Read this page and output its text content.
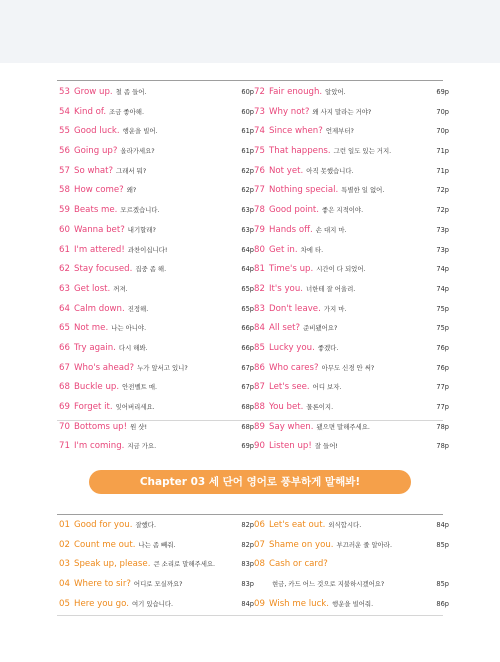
53 Grow up. 철 좀 들어.	60p
54 Kind of. 조금 좋아해.	60p
55 Good luck. 행운을 빌어.	61p
56 Going up? 올라가세요?	61p
57 So what? 그래서 뭐?	62p
58 How come? 왜?	62p
59 Beats me. 모르겠습니다.	63p
60 Wanna bet? 내기할래?	63p
61 I'm attered! 과찬이십니다!	64p
62 Stay focused. 집중 좀 해.	64p
63 Get lost. 꺼져.	65p
64 Calm down. 진정해.	65p
65 Not me. 나는 아니야.	66p
66 Try again. 다시 해봐.	66p
67 Who's ahead? 누가 앞서고 있니?	67p
68 Buckle up. 안전벨트 매.	67p
69 Forget it. 잊어버리세요.	68p
70 Bottoms up! 원 샷!	68p
71 I'm coming. 지금 가요.	69p
72 Fair enough. 알았어.	69p
73 Why not? 왜 사지 말라는 거야?	70p
74 Since when? 언제부터?	70p
75 That happens. 그런 일도 있는 거지.	71p
76 Not yet. 아직 못했습니다.	71p
77 Nothing special. 특별한 일 없어.	72p
78 Good point. 좋은 지적이야.	72p
79 Hands off. 손 대지 마.	73p
80 Get in. 차에 타.	73p
81 Time's up. 시간이 다 되었어.	74p
82 It's you. 너한테 잘 어울려.	74p
83 Don't leave. 가지 마.	75p
84 All set? 준비됐어요?	75p
85 Lucky you. 좋겠다.	76p
86 Who cares? 아무도 신경 안 써?	76p
87 Let's see. 어디 보자.	77p
88 You bet. 물론이지.	77p
89 Say when. 됐으면 말해주세요.	78p
90 Listen up! 잘 들어!	78p
Chapter 03 세 단어 영어로 풍부하게 말해봐!
01 Good for you. 잘했다.	82p
02 Count me out. 나는 좀 빼줘.	82p
03 Speak up, please. 큰 소리로 말해주세요.	83p
04 Where to sir? 어디로 모실까요?	83p
05 Here you go. 여기 있습니다.	84p
06 Let's eat out. 외식합시다.	84p
07 Shame on you. 부끄러운 줄 알아라.	85p
08 Cash or card?
현금, 카드 어느 것으로 지불하시겠어요?	85p
09 Wish me luck. 행운을 빌어줘.	86p
